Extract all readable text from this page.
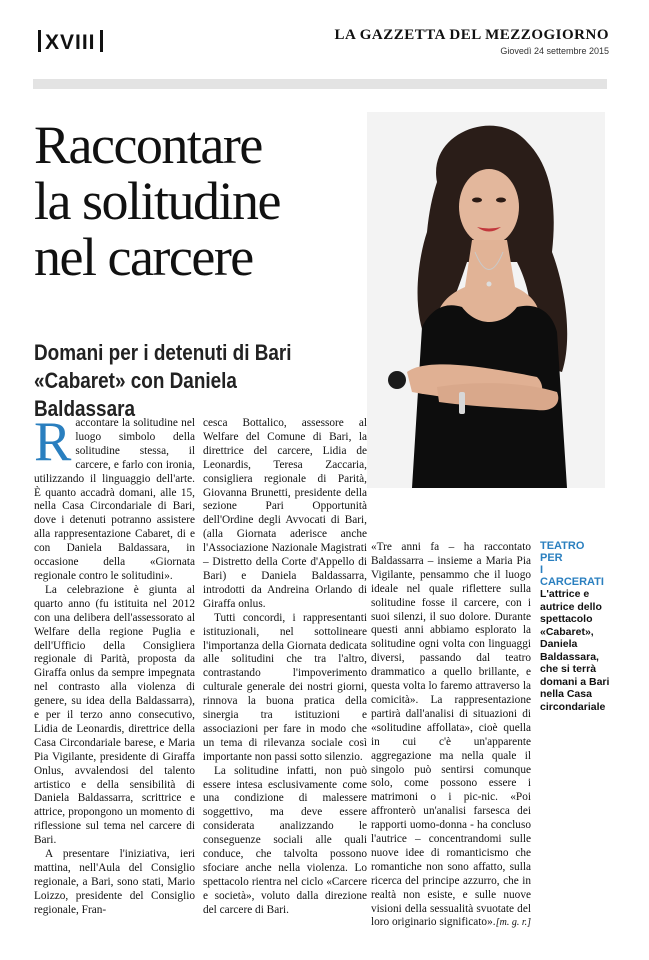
XVIII	LA GAZZETTA DEL MEZZOGIORNO
Giovedì 24 settembre 2015
Raccontare
la solitudine
nel carcere
Domani per i detenuti di Bari
«Cabaret» con Daniela Baldassara
TEATRO PER
I CARCERATI
L'attrice e autrice dello spettacolo «Cabaret», Daniela Baldassara, che si terrà domani a Bari nella Casa circondariale

Raccontare la solitudine nel luogo simbolo della solitudine stessa, il carcere, e farlo con ironia, utilizzando il linguaggio dell'arte. È quanto accadrà domani, alle 15, nella Casa Circondariale di Bari, dove i detenuti potranno assistere alla rappresentazione Cabaret, di e con Daniela Baldassara, in occasione della «Giornata regionale contro le solitudini».

La celebrazione è giunta al quarto anno (fu istituita nel 2012 con una delibera dell'assessorato al Welfare della regione Puglia e dell'Ufficio della Consigliera regionale di Parità, proposta da Giraffa onlus da sempre impegnata nel contrasto alla violenza di genere, su idea della Baldassarra), e per il terzo anno consecutivo, Lidia de Leonardis, direttrice della Casa Circondariale barese, e Maria Pia Vigilante, presidente di Giraffa Onlus, avvalendosi del talento artistico e della sensibilità di Daniela Baldassarra, scrittrice e attrice, propongono un momento di riflessione sul tema nel carcere di Bari.

A presentare l'iniziativa, ieri mattina, nell'Aula del Consiglio regionale, a Bari, sono stati, Mario Loizzo, presidente del Consiglio regionale, Fran-

cesca Bottalico, assessore al Welfare del Comune di Bari, la direttrice del carcere, Lidia de Leonardis, Teresa Zaccaria, consigliera regionale di Parità, Giovanna Brunetti, presidente della sezione Pari Opportunità dell'Ordine degli Avvocati di Bari, (alla Giornata aderisce anche l'Associazione Nazionale Magistrati – Distretto della Corte d'Appello di Bari) e Daniela Baldassarra, introdotti da Andreina Orlando di Giraffa onlus.

Tutti concordi, i rappresentanti istituzionali, nel sottolineare l'importanza della Giornata dedicata alle solitudini che tra l'altro, contrastando l'impoverimento culturale generale dei nostri giorni, rinnova la buona pratica della sinergia tra istituzioni e associazioni per fare in modo che un tema di rilevanza sociale così importante non passi sotto silenzio.

La solitudine infatti, non può essere intesa esclusivamente come una condizione di malessere soggettivo, ma deve essere considerata analizzando le conseguenze sociali alle quali conduce, che talvolta possono sfociare anche nella violenza. Lo spettacolo rientra nel ciclo «Carcere e società», voluto dalla direzione del carcere di Bari.

«Tre anni fa – ha raccontato Baldassarra – insieme a Maria Pia Vigilante, pensammo che il luogo ideale nel quale riflettere sulla solitudine fosse il carcere, con i suoi silenzi, il suo dolore. Durante questi anni abbiamo esplorato la solitudine ogni volta con linguaggi diversi, passando dal teatro drammatico a quello brillante, e questa volta lo faremo attraverso la comicità». La rappresentazione partirà dall'analisi di situazioni di «solitudine affollata», cioè quella in cui c'è un'apparente aggregazione ma nella quale il singolo può sentirsi comunque solo, come possono essere i matrimoni o i pic-nic. «Poi affronterò un'analisi farsesca dei rapporti uomo-donna - ha concluso l'autrice – concentrandomi sulle nuove idee di romanticismo che romantiche non sono affatto, sulla ricerca del principe azzurro, che in realtà non esiste, e sulle nuove visioni della sessualità svuotate del loro originario significato». [m. g. r.]
